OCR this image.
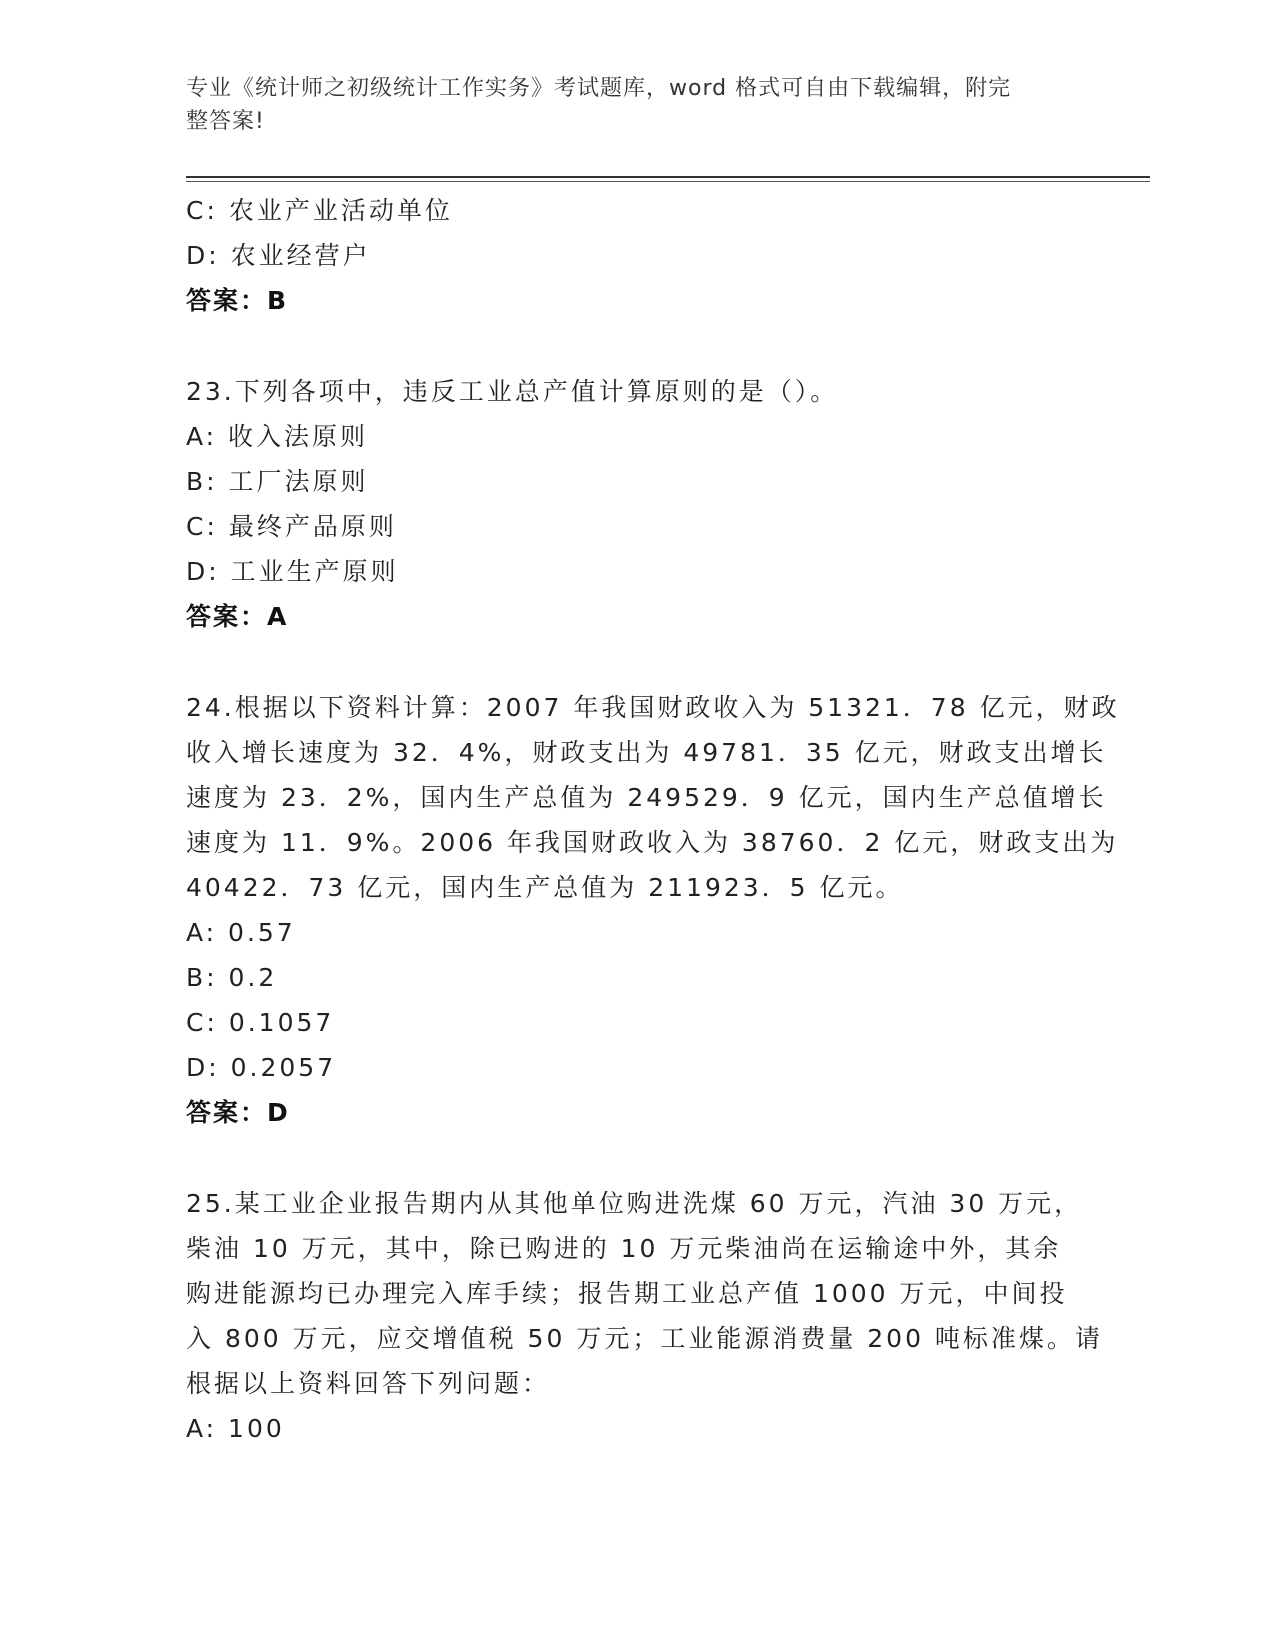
专业《统计师之初级统计工作实务》考试题库，word 格式可自由下载编辑，附完
整答案!
C: 农业产业活动单位
D: 农业经营户
答案：B
23.下列各项中，违反工业总产值计算原则的是（）。
A: 收入法原则
B: 工厂法原则
C: 最终产品原则
D: 工业生产原则
答案：A
24.根据以下资料计算：2007 年我国财政收入为 51321．78 亿元，财政
收入增长速度为 32．4%，财政支出为 49781．35 亿元，财政支出增长
速度为 23．2%，国内生产总值为 249529．9 亿元，国内生产总值增长
速度为 11．9%。2006 年我国财政收入为 38760．2 亿元，财政支出为
40422．73 亿元，国内生产总值为 211923．5 亿元。
A: 0.57
B: 0.2
C: 0.1057
D: 0.2057
答案：D
25.某工业企业报告期内从其他单位购进洗煤 60 万元，汽油 30 万元，
柴油 10 万元，其中，除已购进的 10 万元柴油尚在运输途中外，其余
购进能源均已办理完入库手续；报告期工业总产值 1000 万元，中间投
入 800 万元，应交增值税 50 万元；工业能源消费量 200 吨标准煤。请
根据以上资料回答下列问题：
A: 100
